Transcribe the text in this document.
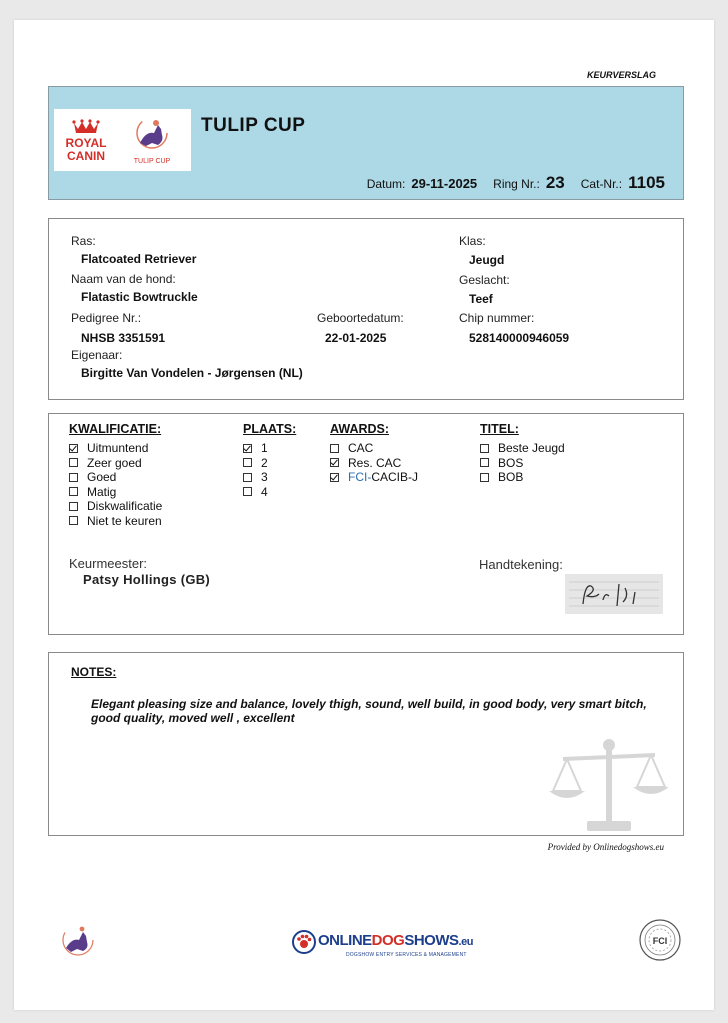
KEURVERSLAG
ROYAL
CANIN	TULIP CUP
TULIP CUP
Datum: 29-11-2025 Ring Nr.: 23 Cat-Nr.: 1105
Ras:
Flatcoated Retriever
Naam van de hond:
Flatastic Bowtruckle
Pedigree Nr.:
NHSB 3351591
Geboortedatum:
22-01-2025
Eigenaar:
Birgitte Van Vondelen - Jørgensen (NL)
Klas:
Jeugd
Geslacht:
Teef
Chip nummer:
528140000946059
KWALIFICATIE:
Uitmuntend
Zeer goed
Goed
Matig
Diskwalificatie
Niet te keuren
PLAATS:
1
2
3
4
AWARDS:
CAC
Res. CAC
FCI- CACIB-J
TITEL:
Beste Jeugd
BOS
BOB
Keurmeester:
Patsy Hollings (GB)
Handtekening:
NOTES:
Elegant pleasing size and balance, lovely thigh, sound, well build, in good body, very smart bitch, good quality, moved well , excellent
Provided by Onlinedogshows.eu
ONLINEDOGSHOWS.eu
DOGSHOW ENTRY SERVICES & MANAGEMENT
FCI
